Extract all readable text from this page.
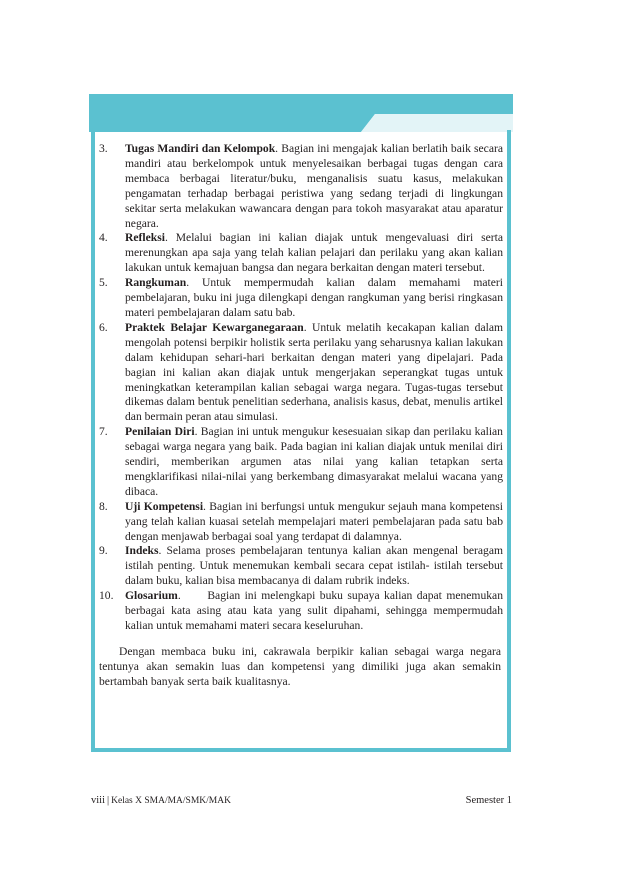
3. Tugas Mandiri dan Kelompok. Bagian ini mengajak kalian berlatih baik secara mandiri atau berkelompok untuk menyelesaikan berbagai tugas dengan cara membaca berbagai literatur/buku, menganalisis suatu kasus, melakukan pengamatan terhadap berbagai peristiwa yang sedang terjadi di lingkungan sekitar serta melakukan wawancara dengan para tokoh masyarakat atau aparatur negara.

4. Refleksi. Melalui bagian ini kalian diajak untuk mengevaluasi diri serta merenungkan apa saja yang telah kalian pelajari dan perilaku yang akan kalian lakukan untuk kemajuan bangsa dan negara berkaitan dengan materi tersebut.

5. Rangkuman. Untuk mempermudah kalian dalam memahami materi pembelajaran, buku ini juga dilengkapi dengan rangkuman yang berisi ringkasan materi pembelajaran dalam satu bab.

6. Praktek Belajar Kewarganegaraan. Untuk melatih kecakapan kalian dalam mengolah potensi berpikir holistik serta perilaku yang seharusnya kalian lakukan dalam kehidupan sehari-hari berkaitan dengan materi yang dipelajari. Pada bagian ini kalian akan diajak untuk mengerjakan seperangkat tugas untuk meningkatkan keterampilan kalian sebagai warga negara. Tugas-tugas tersebut dikemas dalam bentuk penelitian sederhana, analisis kasus, debat, menulis artikel dan bermain peran atau simulasi.

7. Penilaian Diri. Bagian ini untuk mengukur kesesuaian sikap dan perilaku kalian sebagai warga negara yang baik. Pada bagian ini kalian diajak untuk menilai diri sendiri, memberikan argumen atas nilai yang kalian tetapkan serta mengklarifikasi nilai-nilai yang berkembang dimasyarakat melalui wacana yang dibaca.

8. Uji Kompetensi. Bagian ini berfungsi untuk mengukur sejauh mana kompetensi yang telah kalian kuasai setelah mempelajari materi pembelajaran pada satu bab dengan menjawab berbagai soal yang terdapat di dalamnya.

9. Indeks. Selama proses pembelajaran tentunya kalian akan mengenal beragam istilah penting. Untuk menemukan kembali secara cepat istilah- istilah tersebut dalam buku, kalian bisa membacanya di dalam rubrik indeks.

10. Glosarium.      Bagian ini melengkapi buku supaya kalian dapat menemukan berbagai kata asing atau kata yang sulit dipahami, sehingga mempermudah kalian untuk memahami materi secara keseluruhan.

Dengan membaca buku ini, cakrawala berpikir kalian sebagai warga negara tentunya akan semakin luas dan kompetensi yang dimiliki juga akan semakin bertambah banyak serta baik kualitasnya.

viii | Kelas X SMA/MA/SMK/MAK	Semester 1
